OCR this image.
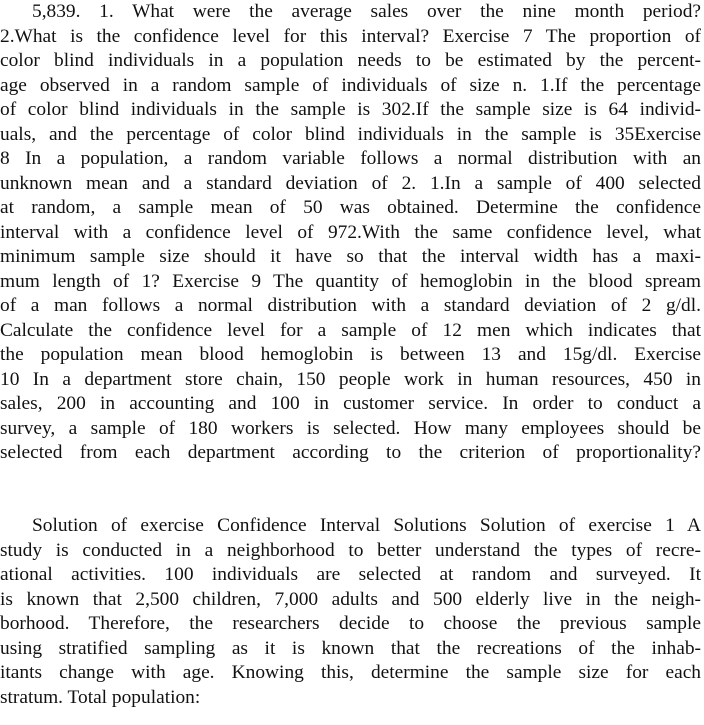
5,839. 1. What were the average sales over the nine month period?
2.What is the confidence level for this interval? Exercise 7 The proportion of
color blind individuals in a population needs to be estimated by the percent-
age observed in a random sample of individuals of size n. 1.If the percentage
of color blind individuals in the sample is 302.If the sample size is 64 individ-
uals, and the percentage of color blind individuals in the sample is 35Exercise
8 In a population, a random variable follows a normal distribution with an
unknown mean and a standard deviation of 2. 1.In a sample of 400 selected
at random, a sample mean of 50 was obtained. Determine the confidence
interval with a confidence level of 972.With the same confidence level, what
minimum sample size should it have so that the interval width has a maxi-
mum length of 1? Exercise 9 The quantity of hemoglobin in the blood spream
of a man follows a normal distribution with a standard deviation of 2 g/dl.
Calculate the confidence level for a sample of 12 men which indicates that
the population mean blood hemoglobin is between 13 and 15g/dl. Exercise
10 In a department store chain, 150 people work in human resources, 450 in
sales, 200 in accounting and 100 in customer service. In order to conduct a
survey, a sample of 180 workers is selected. How many employees should be
selected from each department according to the criterion of proportionality?
Solution of exercise Confidence Interval Solutions Solution of exercise 1 A
study is conducted in a neighborhood to better understand the types of recre-
ational activities. 100 individuals are selected at random and surveyed. It
is known that 2,500 children, 7,000 adults and 500 elderly live in the neigh-
borhood. Therefore, the researchers decide to choose the previous sample
using stratified sampling as it is known that the recreations of the inhab-
itants change with age. Knowing this, determine the sample size for each
stratum. Total population:
